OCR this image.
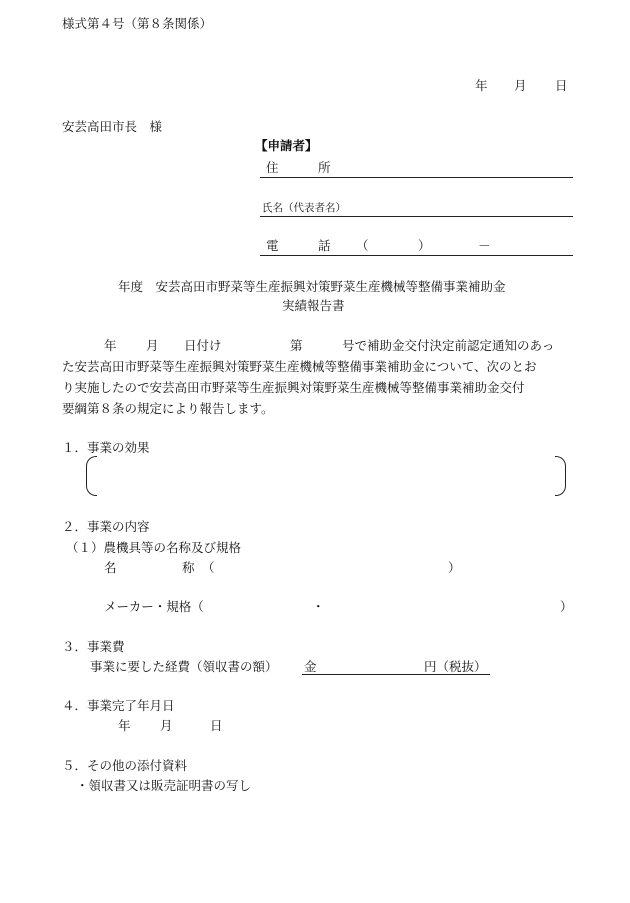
様式第４号（第８条関係）
年 月 日
安芸高田市長　様
【申請者】
住	所
氏名（代表者名）
電	話 （	）	－
年度　安芸高田市野菜等生産振興対策野菜生産機械等整備事業補助金
実績報告書
年 月 日付け	第	号で補助金交付決定前認定通知のあっ
た安芸高田市野菜等生産振興対策野菜生産機械等整備事業補助金について、次のとお
り実施したので安芸高田市野菜等生産振興対策野菜生産機械等整備事業補助金交付
要綱第８条の規定により報告します。
１．事業の効果
２．事業の内容
（１）農機具等の名称及び規格
名	称 （	）
メーカー・規格（	・	）
３．事業費
事業に要した経費（領収書の額） 金	円（税抜）
４．事業完了年月日
年 月	日
５．その他の添付資料
・領収書又は販売証明書の写し
